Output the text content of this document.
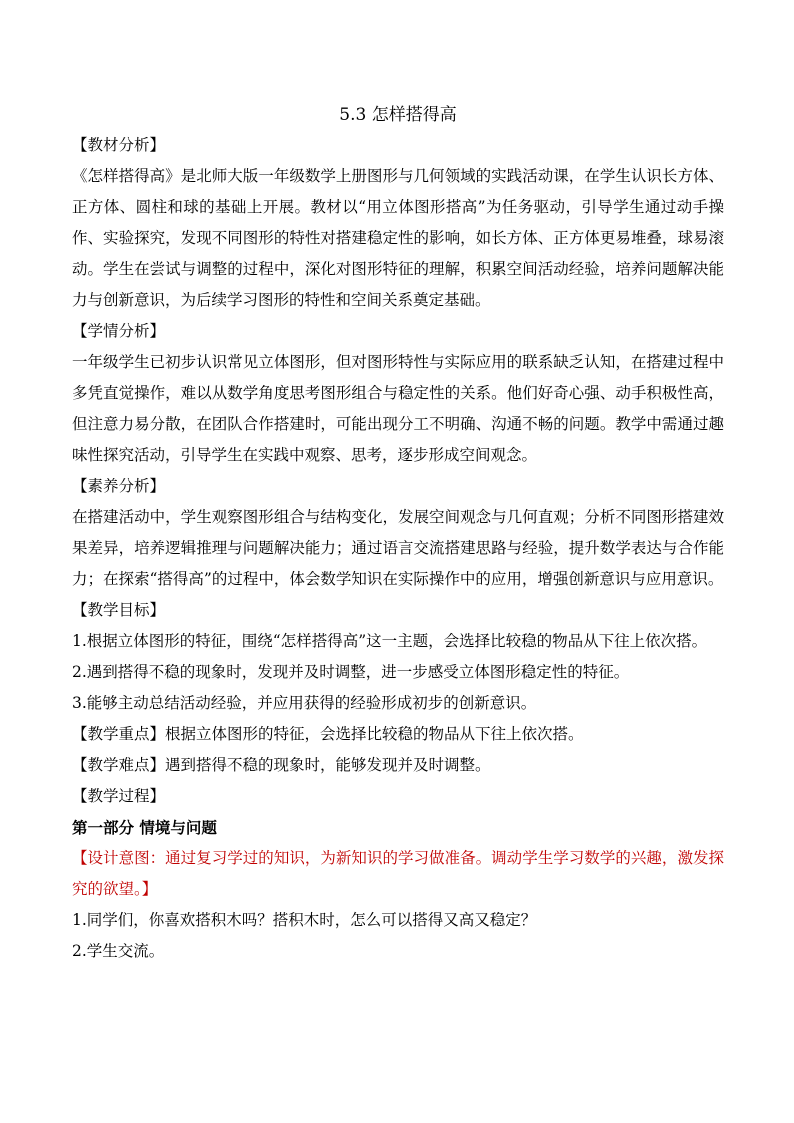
5.3 怎样搭得高

【教材分析】

《怎样搭得高》是北师大版一年级数学上册图形与几何领域的实践活动课，在学生认识长方体、正方体、圆柱和球的基础上开展。教材以“用立体图形搭高”为任务驱动，引导学生通过动手操作、实验探究，发现不同图形的特性对搭建稳定性的影响，如长方体、正方体更易堆叠，球易滚动。学生在尝试与调整的过程中，深化对图形特征的理解，积累空间活动经验，培养问题解决能力与创新意识，为后续学习图形的特性和空间关系奠定基础。

【学情分析】

一年级学生已初步认识常见立体图形，但对图形特性与实际应用的联系缺乏认知，在搭建过程中多凭直觉操作，难以从数学角度思考图形组合与稳定性的关系。他们好奇心强、动手积极性高，但注意力易分散，在团队合作搭建时，可能出现分工不明确、沟通不畅的问题。教学中需通过趣味性探究活动，引导学生在实践中观察、思考，逐步形成空间观念。

【素养分析】

在搭建活动中，学生观察图形组合与结构变化，发展空间观念与几何直观；分析不同图形搭建效果差异，培养逻辑推理与问题解决能力；通过语言交流搭建思路与经验，提升数学表达与合作能力；在探索“搭得高”的过程中，体会数学知识在实际操作中的应用，增强创新意识与应用意识。

【教学目标】

1.根据立体图形的特征，围绕“怎样搭得高”这一主题，会选择比较稳的物品从下往上依次搭。

2.遇到搭得不稳的现象时，发现并及时调整，进一步感受立体图形稳定性的特征。

3.能够主动总结活动经验，并应用获得的经验形成初步的创新意识。

【教学重点】根据立体图形的特征，会选择比较稳的物品从下往上依次搭。

【教学难点】遇到搭得不稳的现象时，能够发现并及时调整。

【教学过程】

第一部分 情境与问题

【设计意图：通过复习学过的知识，为新知识的学习做准备。调动学生学习数学的兴趣，激发探究的欲望。】

1.同学们，你喜欢搭积木吗？搭积木时，怎么可以搭得又高又稳定？

2.学生交流。
